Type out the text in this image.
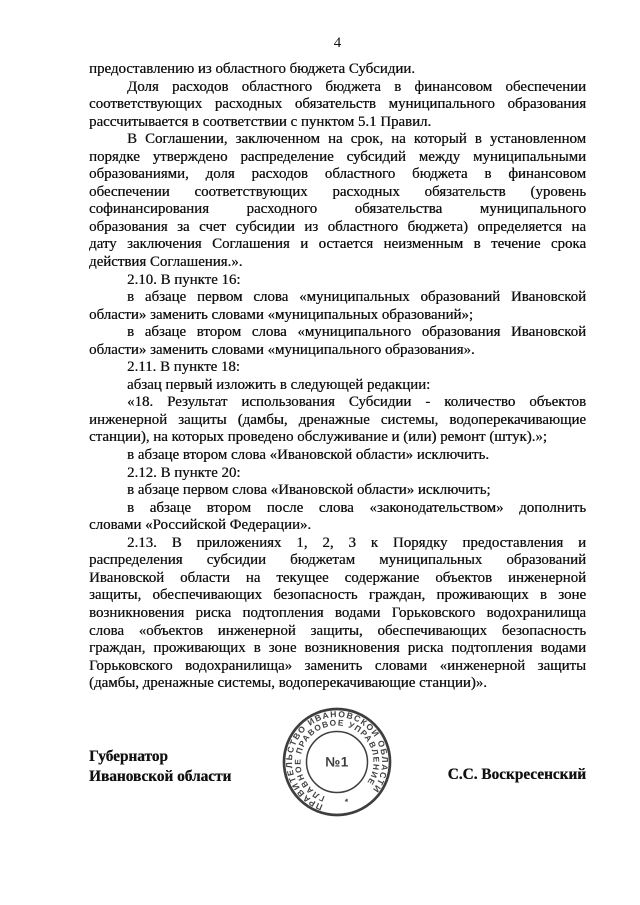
4
предоставлению из областного бюджета Субсидии.
Доля расходов областного бюджета в финансовом обеспечении
соответствующих расходных обязательств муниципального образования
рассчитывается в соответствии с пунктом 5.1 Правил.
В Соглашении, заключенном на срок, на который в установленном
порядке утверждено распределение субсидий между муниципальными
образованиями, доля расходов областного бюджета в финансовом
обеспечении соответствующих расходных обязательств (уровень
софинансирования расходного обязательства муниципального
образования за счет субсидии из областного бюджета) определяется на
дату заключения Соглашения и остается неизменным в течение срока
действия Соглашения.».
2.10. В пункте 16:
в абзаце первом слова «муниципальных образований Ивановской
области» заменить словами «муниципальных образований»;
в абзаце втором слова «муниципального образования Ивановской
области» заменить словами «муниципального образования».
2.11. В пункте 18:
абзац первый изложить в следующей редакции:
«18. Результат использования Субсидии - количество объектов
инженерной защиты (дамбы, дренажные системы, водоперекачивающие
станции), на которых проведено обслуживание и (или) ремонт (штук).»;
в абзаце втором слова «Ивановской области» исключить.
2.12. В пункте 20:
в абзаце первом слова «Ивановской области» исключить;
в абзаце втором после слова «законодательством» дополнить
словами «Российской Федерации».
2.13. В приложениях 1, 2, 3 к Порядку предоставления и
распределения субсидии бюджетам муниципальных образований
Ивановской области на текущее содержание объектов инженерной
защиты, обеспечивающих безопасность граждан, проживающих в зоне
возникновения риска подтопления водами Горьковского водохранилища
слова «объектов инженерной защиты, обеспечивающих безопасность
граждан, проживающих в зоне возникновения риска подтопления водами
Горьковского водохранилища» заменить словами «инженерной защиты
(дамбы, дренажные системы, водоперекачивающие станции)».
Губернатор
Ивановской области	С.С. Воскресенский
ПРАВИТЕЛЬСТВО ИВАНОВСКОЙ ОБЛАСТИ
ГЛАВНОЕ ПРАВОВОЕ УПРАВЛЕНИЕ
*
№1
